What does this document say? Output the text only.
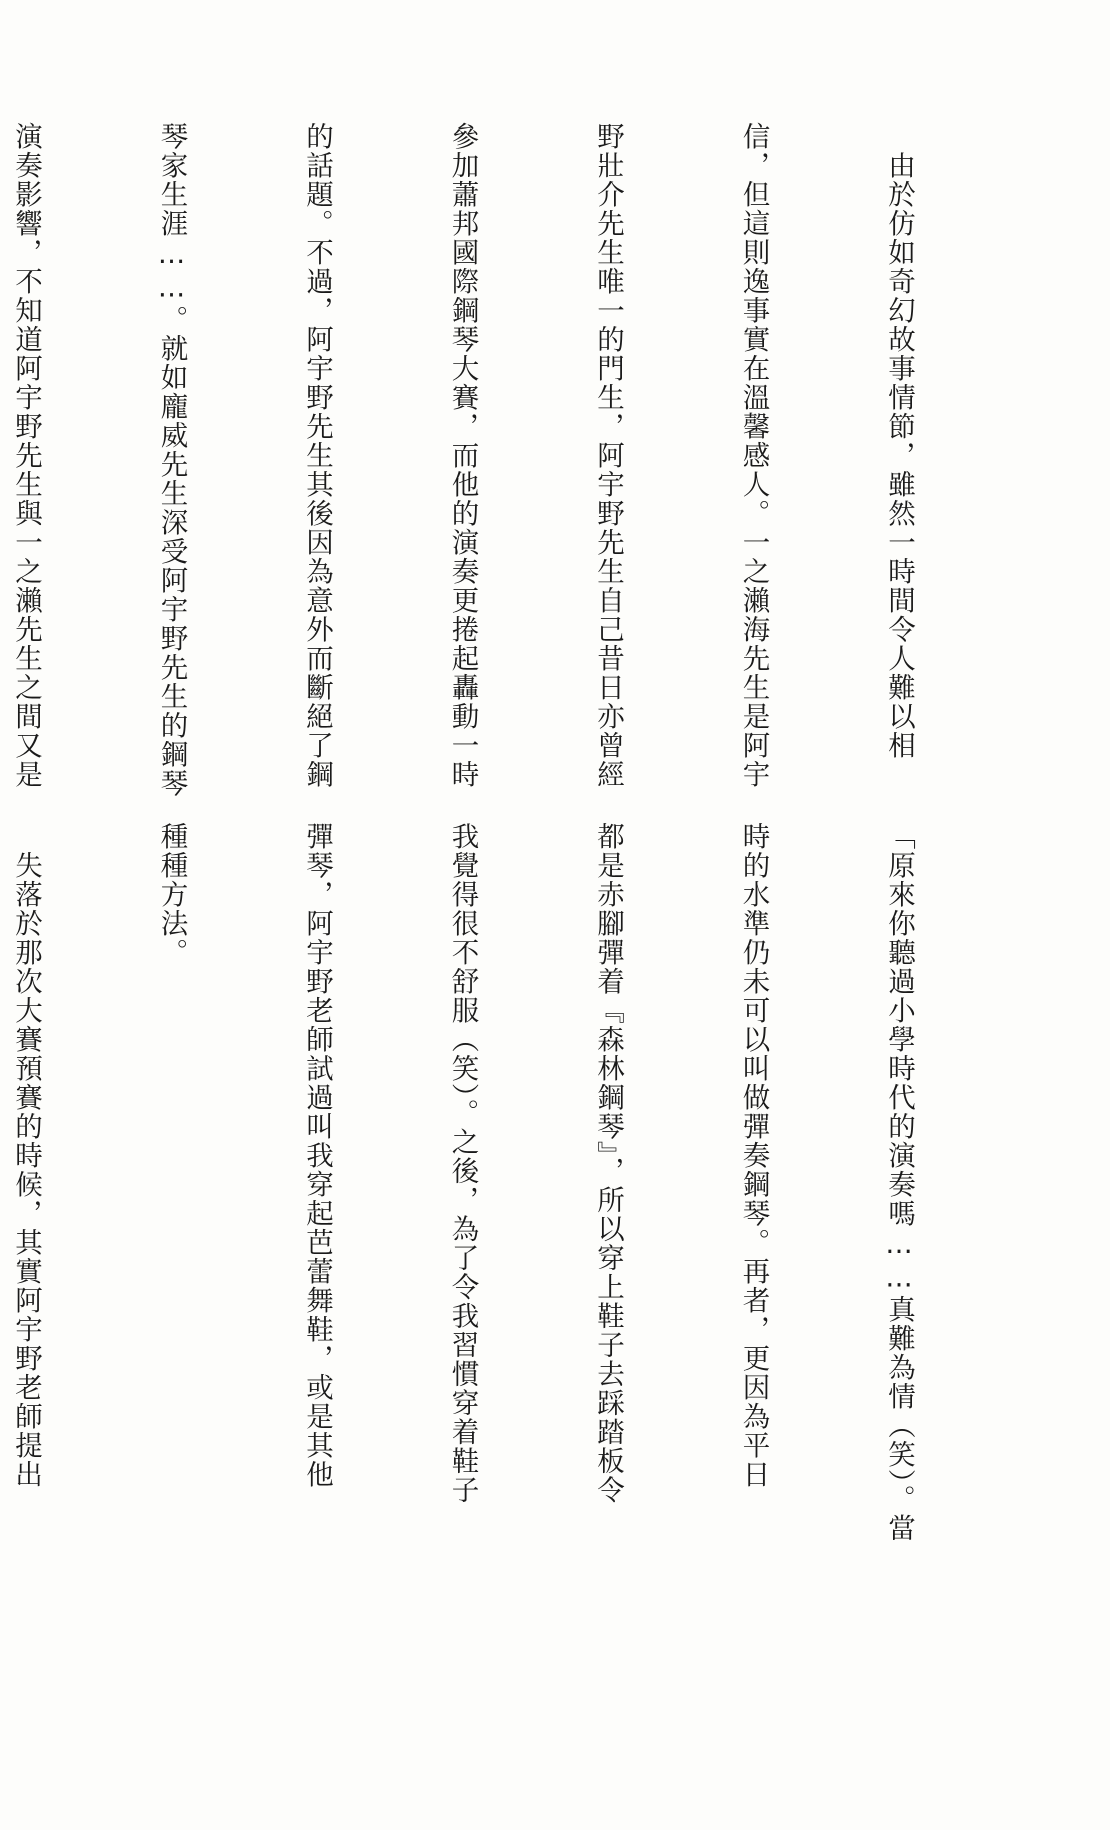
　由於仿如奇幻故事情節，雖然一時間令人難以相

信，但這則逸事實在溫馨感人。一之瀨海先生是阿宇

野壯介先生唯一的門生，阿宇野先生自己昔日亦曾經

參加蕭邦國際鋼琴大賽，而他的演奏更捲起轟動一時

的話題。不過，阿宇野先生其後因為意外而斷絕了鋼

琴家生涯……。就如龐威先生深受阿宇野先生的鋼琴

演奏影響，不知道阿宇野先生與一之瀨先生之間又是

「原來你聽過小學時代的演奏嗎……真難為情（笑）。當

時的水準仍未可以叫做彈奏鋼琴。再者，更因為平日

都是赤腳彈着『森林鋼琴』，所以穿上鞋子去踩踏板令

我覺得很不舒服（笑）。之後，為了令我習慣穿着鞋子

彈琴，阿宇野老師試過叫我穿起芭蕾舞鞋，或是其他

種種方法。

　失落於那次大賽預賽的時候，其實阿宇野老師提出
